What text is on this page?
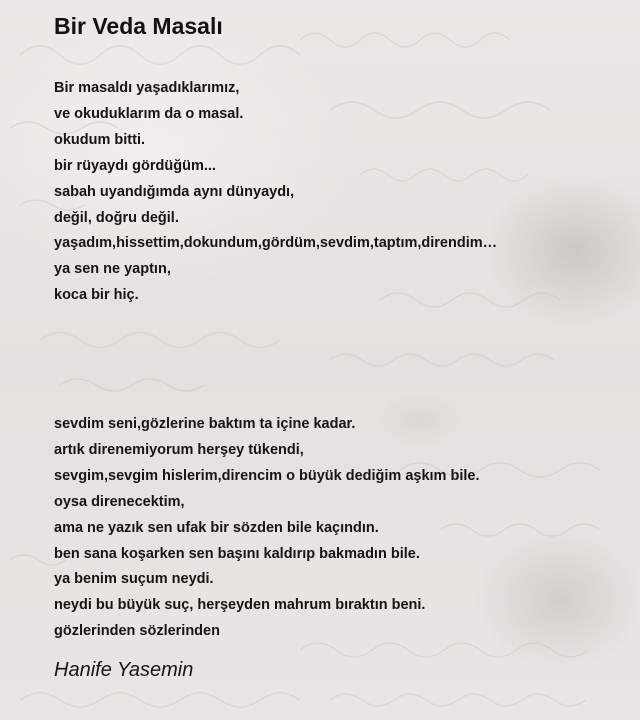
Bir Veda Masalı
Bir masaldı yaşadıklarımız,
ve okuduklarım da o masal.
okudum bitti.
bir rüyaydı gördüğüm...
sabah uyandığımda aynı dünyaydı,
değil, doğru değil.
yaşadım,hissettim,dokundum,gördüm,sevdim,taptım,direndim…
ya sen ne yaptın,
koca bir hiç.
sevdim seni,gözlerine baktım ta içine kadar.
artık direnemiyorum herşey tükendi,
sevgim,sevgim hislerim,direncim o büyük dediğim aşkım bile.
oysa direnecektim,
ama ne yazık sen ufak bir sözden bile kaçındın.
ben sana koşarken sen başını kaldırıp bakmadın bile.
ya benim suçum neydi.
neydi bu büyük suç, herşeyden mahrum bıraktın beni.
gözlerinden sözlerinden
Hanife Yasemin
